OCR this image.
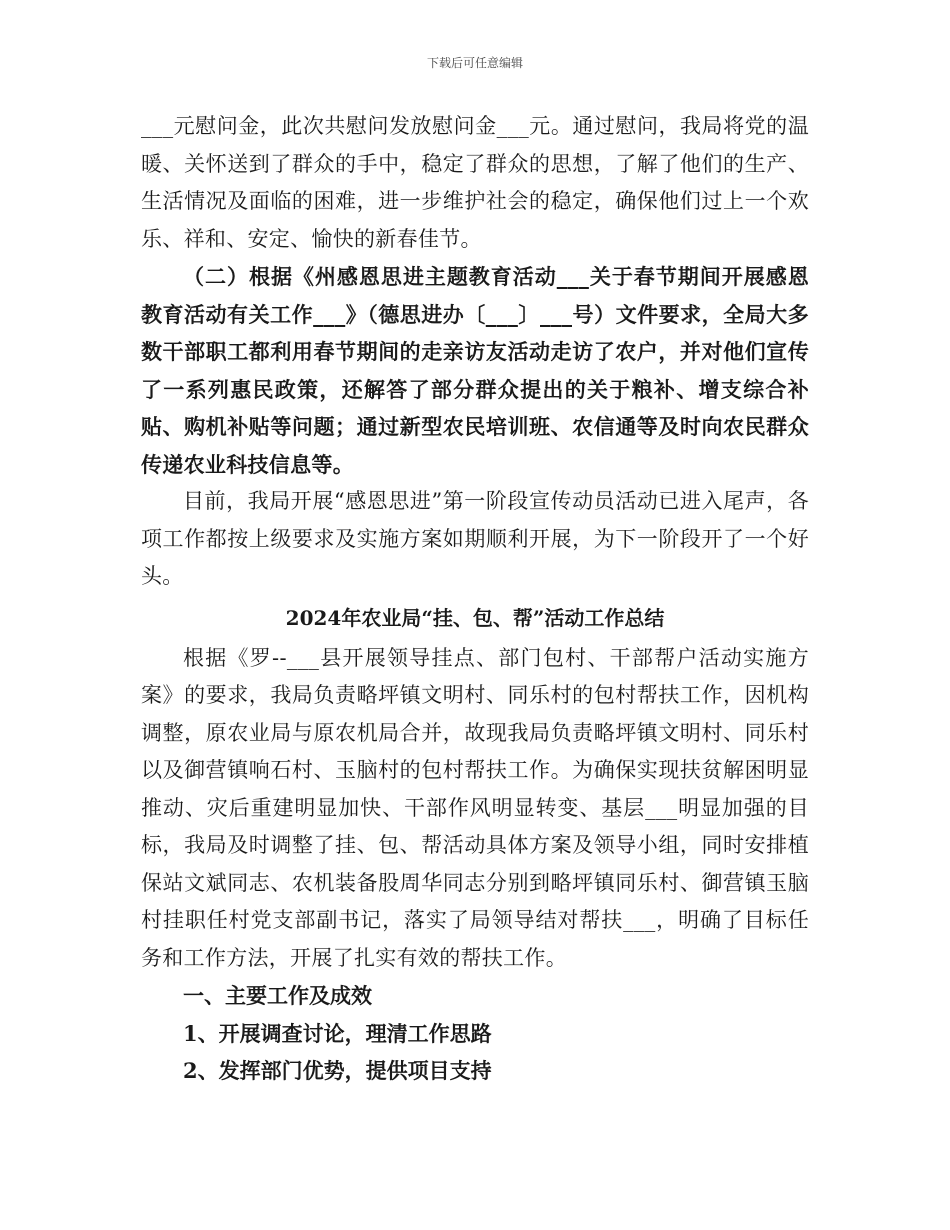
下载后可任意编辑

___元慰问金，此次共慰问发放慰问金___元。通过慰问，我局将党的温暖、关怀送到了群众的手中，稳定了群众的思想，了解了他们的生产、生活情况及面临的困难，进一步维护社会的稳定，确保他们过上一个欢乐、祥和、安定、愉快的新春佳节。

（二）根据《州感恩思进主题教育活动___关于春节期间开展感恩教育活动有关工作___》（德思进办〔___〕___号）文件要求，全局大多数干部职工都利用春节期间的走亲访友活动走访了农户，并对他们宣传了一系列惠民政策，还解答了部分群众提出的关于粮补、增支综合补贴、购机补贴等问题；通过新型农民培训班、农信通等及时向农民群众传递农业科技信息等。

目前，我局开展“感恩思进”第一阶段宣传动员活动已进入尾声，各项工作都按上级要求及实施方案如期顺利开展，为下一阶段开了一个好头。

2024年农业局“挂、包、帮”活动工作总结

根据《罗--___县开展领导挂点、部门包村、干部帮户活动实施方案》的要求，我局负责略坪镇文明村、同乐村的包村帮扶工作，因机构调整，原农业局与原农机局合并，故现我局负责略坪镇文明村、同乐村以及御营镇响石村、玉脑村的包村帮扶工作。为确保实现扶贫解困明显推动、灾后重建明显加快、干部作风明显转变、基层___明显加强的目标，我局及时调整了挂、包、帮活动具体方案及领导小组，同时安排植保站文斌同志、农机装备股周华同志分别到略坪镇同乐村、御营镇玉脑村挂职任村党支部副书记，落实了局领导结对帮扶___，明确了目标任务和工作方法，开展了扎实有效的帮扶工作。

一、主要工作及成效

1、开展调查讨论，理清工作思路

2、发挥部门优势，提供项目支持
